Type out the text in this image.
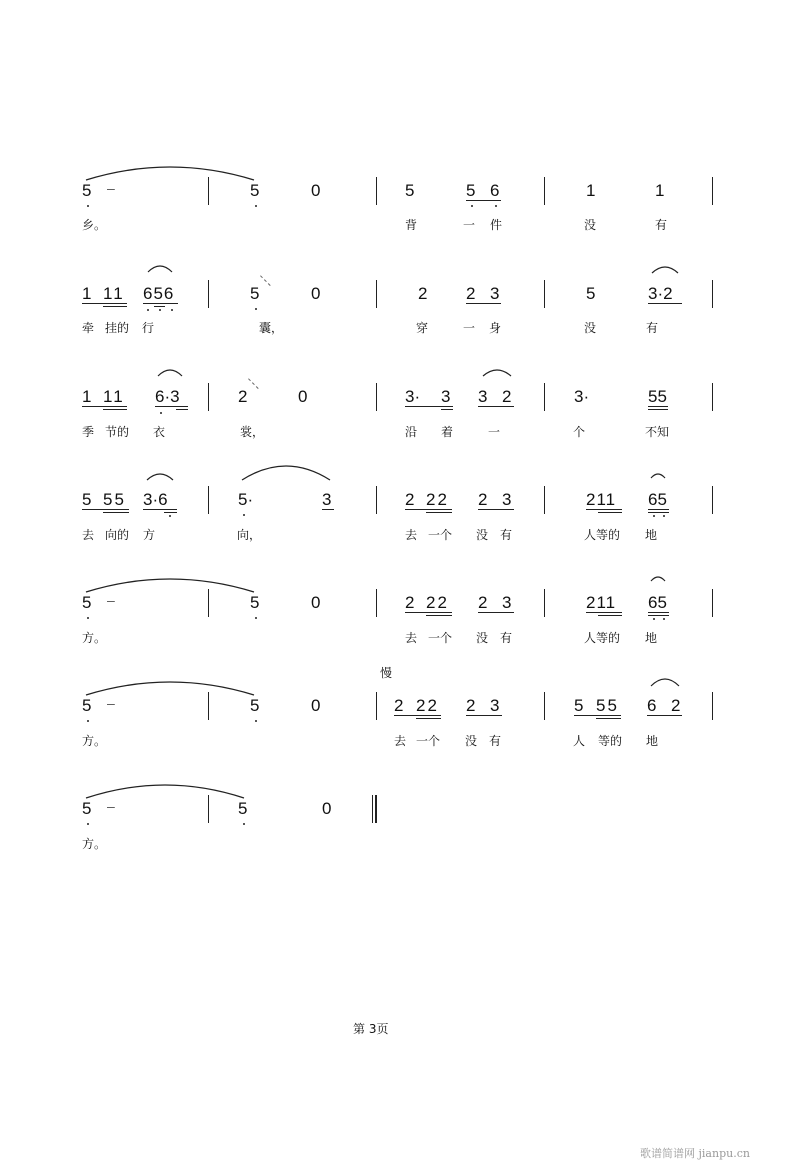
5 –	5	0	5	5 6	1	1
乡。	背	一 件	没	有
1 11 656	5	0	2 2 3	5	3·2
牵 挂的 行	囊，	穿	一 身	没	有
1 11 6·3	2	0	3· 3 3 2	3·	55
季 节的 衣	裳，	沿 着	一	个	不知
5 55 3·6	5·	3	2 22 2 3	211 65
去 向的 方	向，	去 一个 没 有	人等的 地
5 –	5	0	2 22 2 3	211 65
方。	去 一个 没 有	人等的 地
慢
5 –	5	0	2 22 2 3	5 55 6 2
方。	去 一个 没 有	人 等的 地
5 –	5	0
方。
第 3页
歌谱简谱网 jianpu.cn
